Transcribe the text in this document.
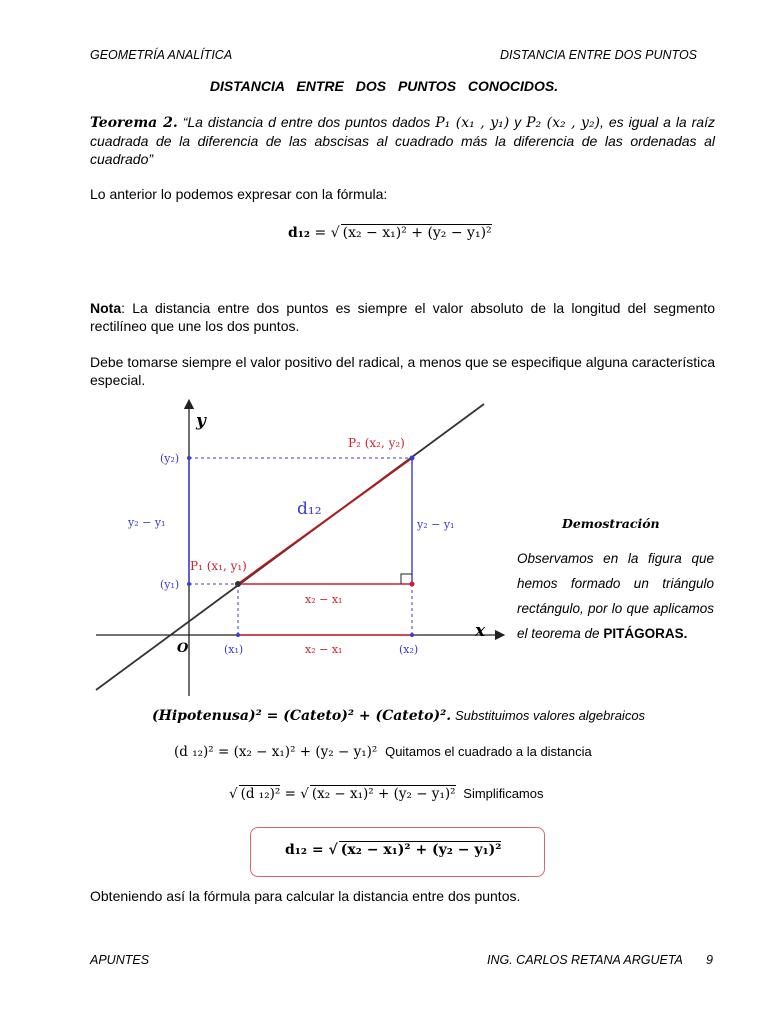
GEOMETRÍA ANALÍTICA	DISTANCIA ENTRE DOS PUNTOS
DISTANCIA ENTRE DOS PUNTOS CONOCIDOS.
Teorema 2. “La distancia d entre dos puntos dados P₁ (x₁ , y₁) y P₂ (x₂ , y₂), es igual a la raíz cuadrada de la diferencia de las abscisas al cuadrado más la diferencia de las ordenadas al cuadrado”
Lo anterior lo podemos expresar con la fórmula:
d₁₂ = √ (x₂ − x₁)² + (y₂ − y₁)²
Nota: La distancia entre dos puntos es siempre el valor absoluto de la longitud del segmento rectilíneo que une los dos puntos.
Debe tomarse siempre el valor positivo del radical, a menos que se especifique alguna característica especial.
y
x
O
(y₂)
(y₁)
(x₁)	(x₂)
P₂ (x₂, y₂)
P₁ (x₁, y₁)
d₁₂
y₂ − y₁	y₂ − y₁
x₂ − x₁
x₂ − x₁
Demostración
Observamos en la figura que hemos formado un triángulo rectángulo, por lo que aplicamos el teorema de PITÁGORAS.
(Hipotenusa)² = (Cateto)² + (Cateto)². Substituimos valores algebraicos
(d ₁₂)² = (x₂ − x₁)² + (y₂ − y₁)² Quitamos el cuadrado a la distancia
√ (d ₁₂)² = √ (x₂ − x₁)² + (y₂ − y₁)² Simplificamos
d₁₂ = √ (x₂ − x₁)² + (y₂ − y₁)²
Obteniendo así la fórmula para calcular la distancia entre dos puntos.
APUNTES	ING. CARLOS RETANA ARGUETA 9
